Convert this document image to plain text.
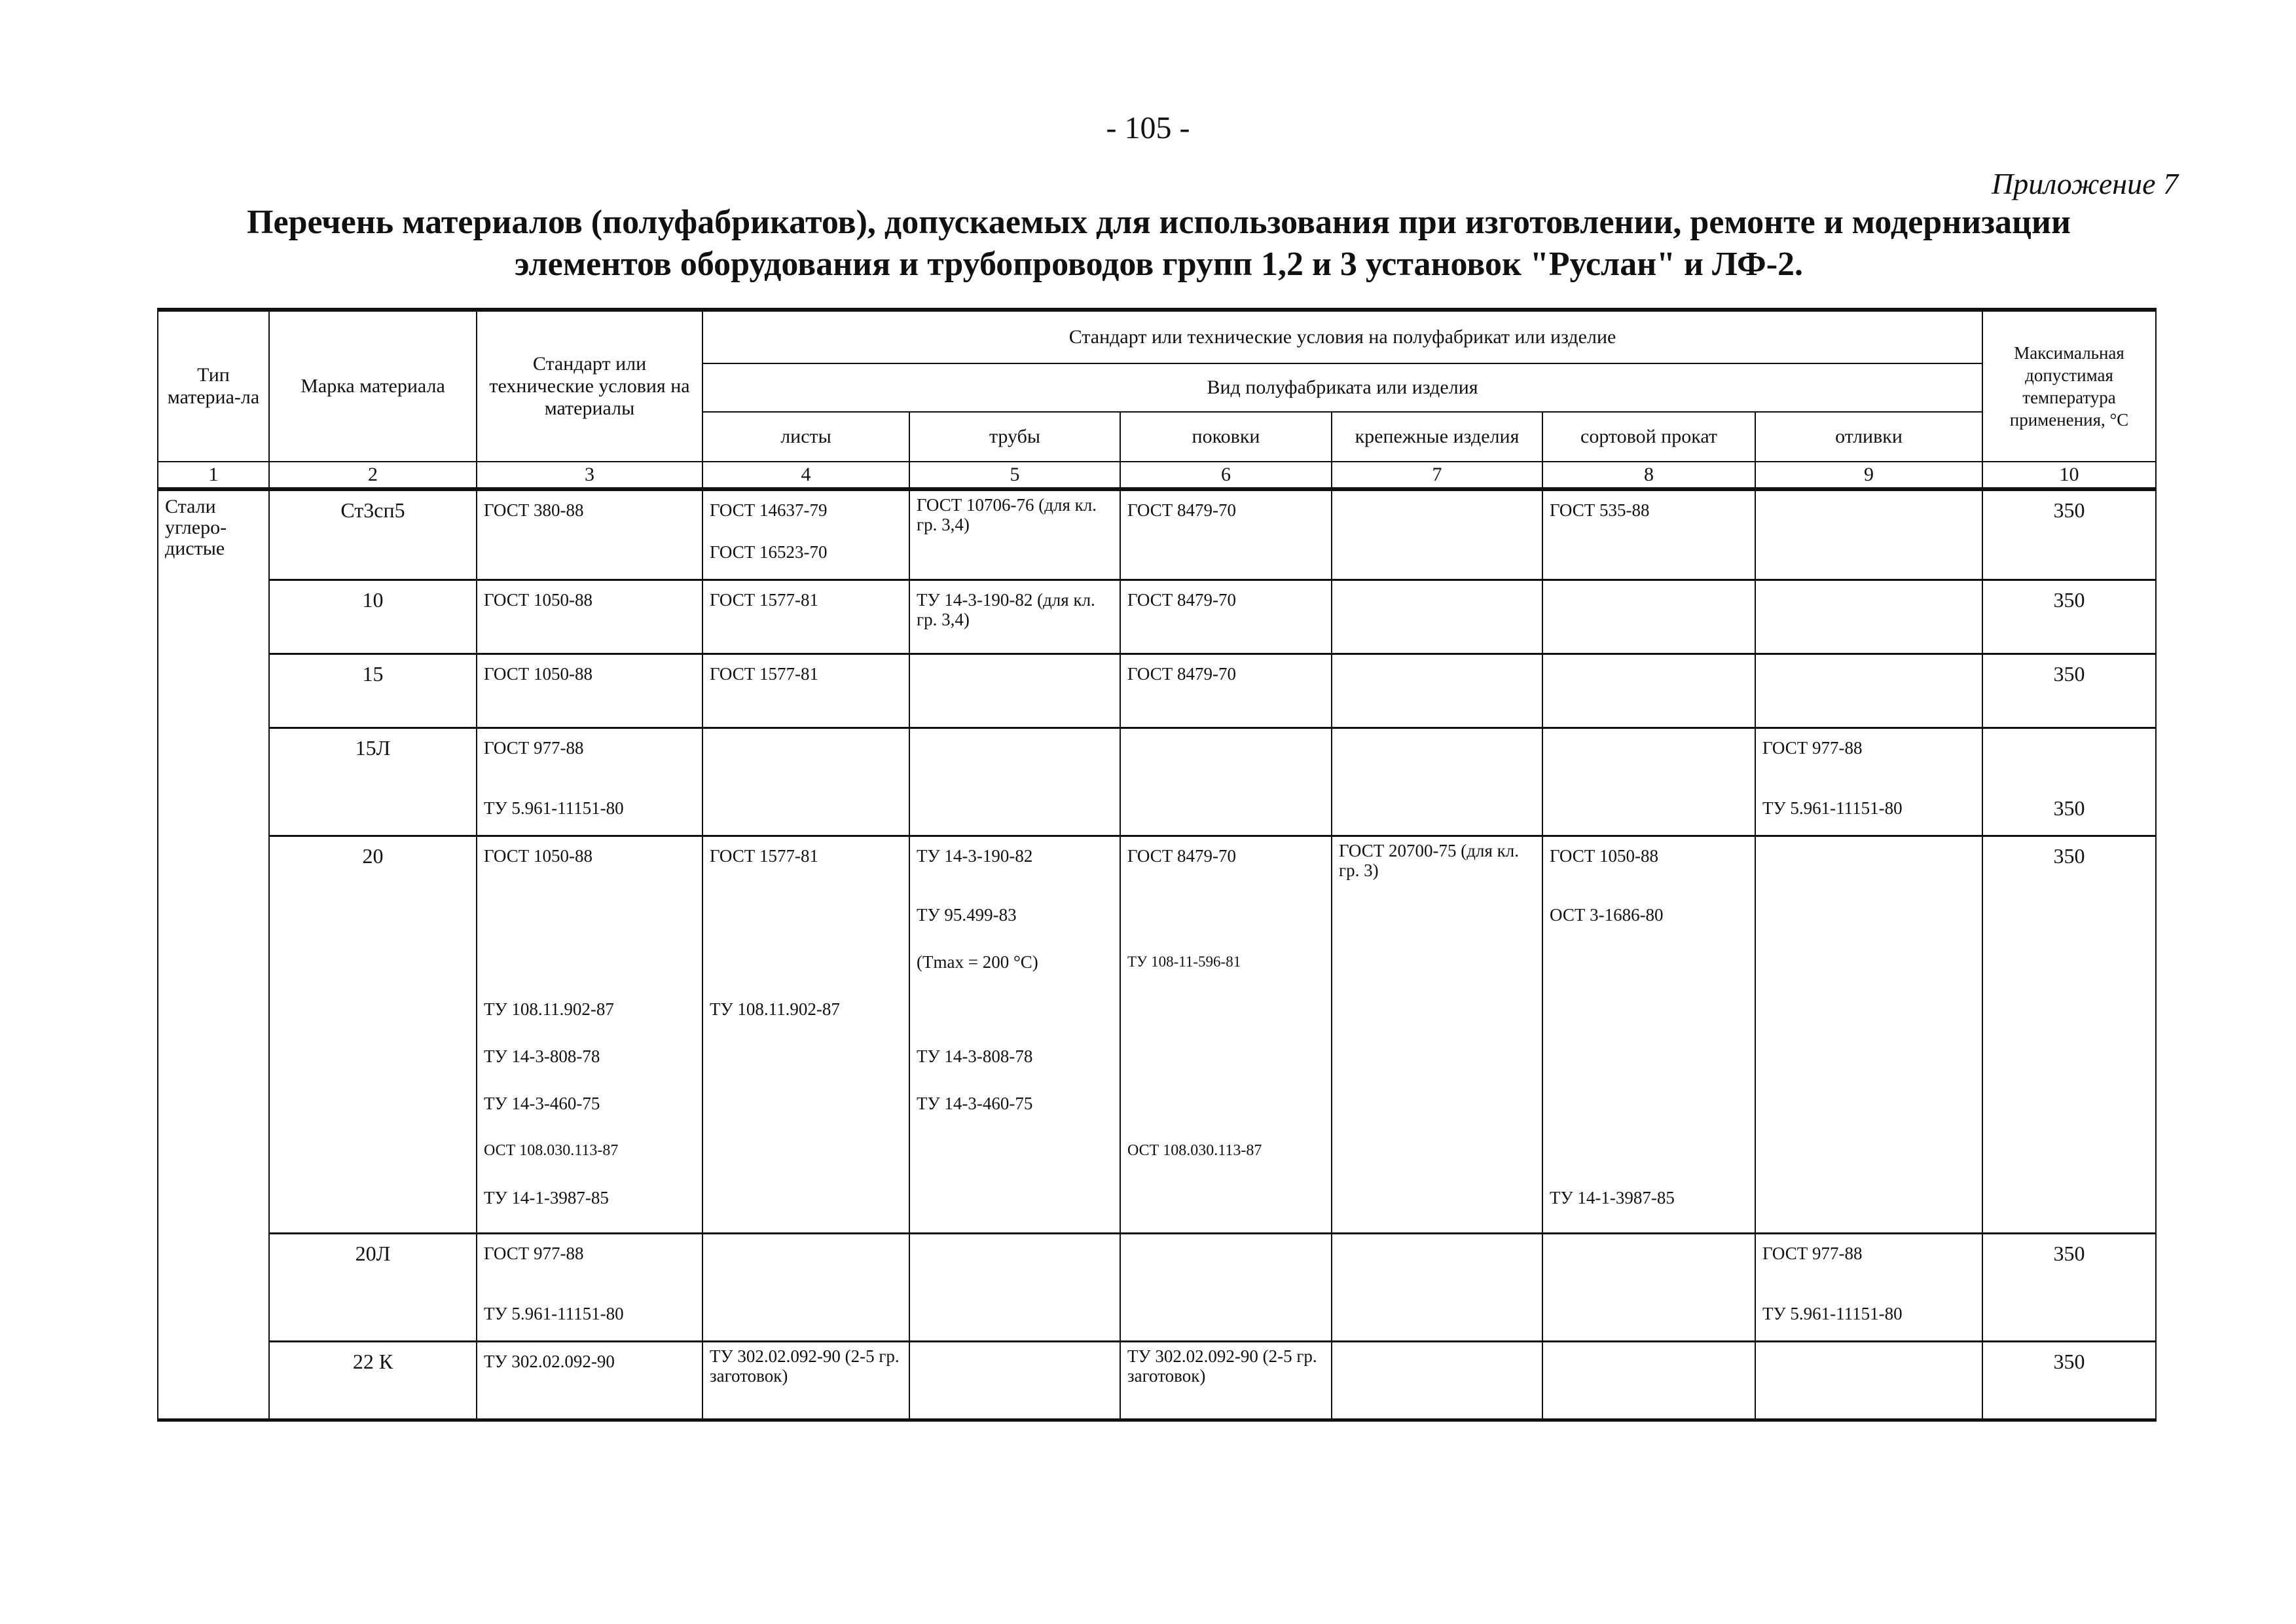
- 105 -
Приложение 7
Перечень материалов (полуфабрикатов), допускаемых для использования при изготовлении, ремонте и модернизации
элементов оборудования и трубопроводов групп 1,2 и 3 установок "Руслан" и ЛФ-2.
Тип материа-ла	Марка материала	Стандарт или технические условия на материалы	Стандарт или технические условия на полуфабрикат или изделие						Максимальная допустимая температура применения, °С
			Вид полуфабриката или изделия						
			листы	трубы	поковки	крепежные изделия	сортовой прокат	отливки	
1	2	3	4	5	6	7	8	9	10
Стали углеро-дистые	Ст3сп5	ГОСТ 380-88	ГОСТ 14637-79	ГОСТ 10706-76 (для кл. гр. 3,4)	ГОСТ 8479-70		ГОСТ 535-88		350
			ГОСТ 16523-70						
	10	ГОСТ 1050-88	ГОСТ 1577-81	ТУ 14-3-190-82 (для кл. гр. 3,4)	ГОСТ 8479-70				350
	15	ГОСТ 1050-88	ГОСТ 1577-81		ГОСТ 8479-70				350
	15Л	ГОСТ 977-88						ГОСТ 977-88	
		ТУ 5.961-11151-80						ТУ 5.961-11151-80	350
	20	ГОСТ 1050-88	ГОСТ 1577-81	ТУ 14-3-190-82	ГОСТ 8479-70	ГОСТ 20700-75 (для кл. гр. 3)	ГОСТ 1050-88		350
				ТУ 95.499-83			ОСТ 3-1686-80		
				(Tmax = 200 °С)	ТУ 108-11-596-81				
		ТУ 108.11.902-87	ТУ 108.11.902-87						
		ТУ 14-3-808-78		ТУ 14-3-808-78					
		ТУ 14-3-460-75		ТУ 14-3-460-75					
		ОСТ 108.030.113-87			ОСТ 108.030.113-87				
		ТУ 14-1-3987-85					ТУ 14-1-3987-85		
	20Л	ГОСТ 977-88						ГОСТ 977-88	350
		ТУ 5.961-11151-80						ТУ 5.961-11151-80	
	22 К	ТУ 302.02.092-90	ТУ 302.02.092-90 (2-5 гр. заготовок)		ТУ 302.02.092-90 (2-5 гр. заготовок)				350
